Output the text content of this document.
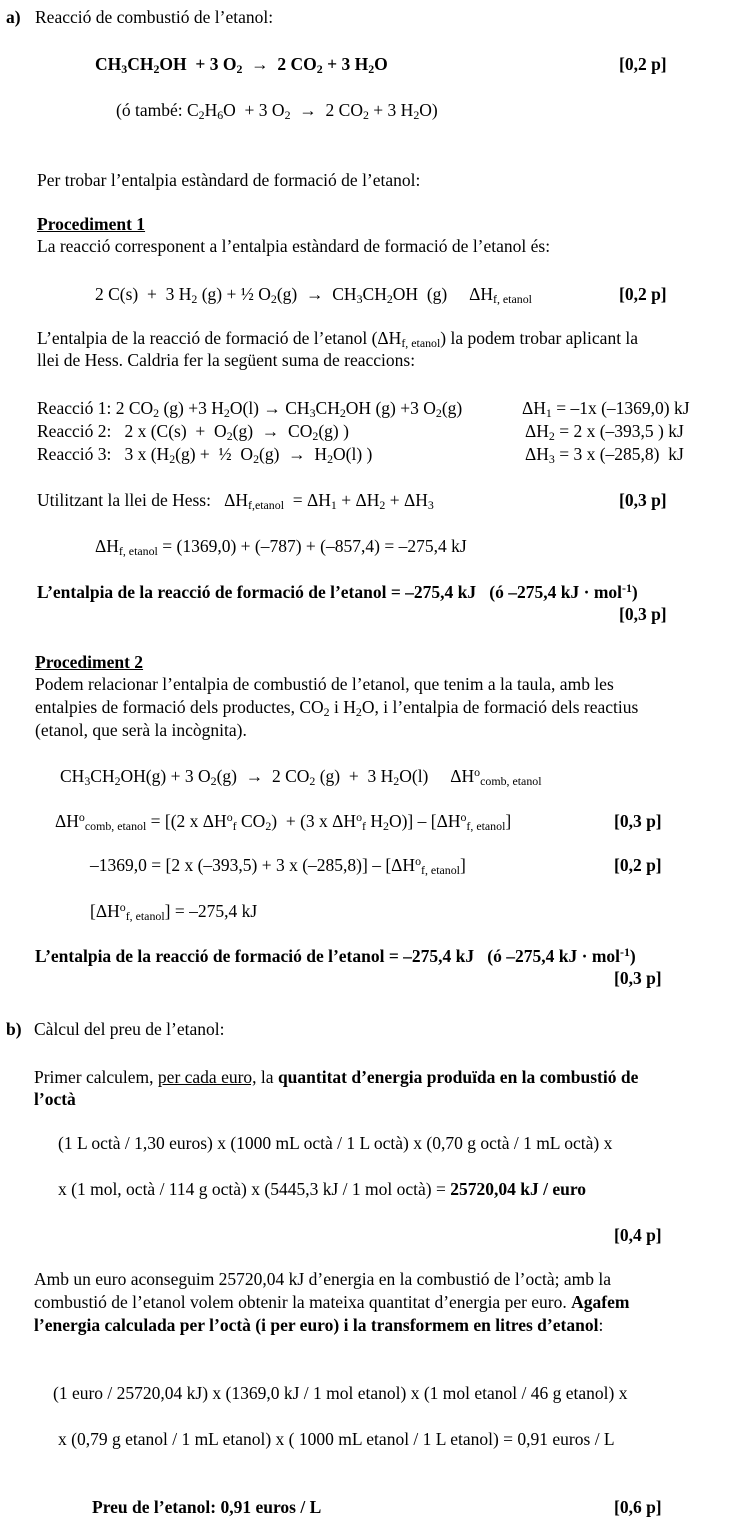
a) Reacció de combustió de l’etanol:
$CH_3CH_2OH + 3$ $O_2 \to 2$ $CO_2 + 3$ $H_2O$	[0,2 p]
(ó també: $C_2H_6O + 3$ $O_2 \to 2$ $CO_2 + 3$ $H_2O$)
Per trobar l’entalpia estàndard de formació de l’etanol:
Procediment 1
La reacció corresponent a l’entalpia estàndard de formació de l’etanol és:
2 C(s)  +  3 $H_2$ (g) + ½ $O_2(g) \to CH_3CH_2OH$  (g)     $\Delta H_{f, etanol}$	[0,2 p]
L’entalpia de la reacció de formació de l’etanol $(\Delta H_{f, etanol})$ la podem trobar aplicant la
llei de Hess. Caldria fer la següent suma de reaccions:
Reacció 1: 2 $CO_2$ (g) +3 $H_2O(l) \to CH_3CH_2OH$ (g) +3 $O_2(g)$	$\Delta H_1 = -1x$ (–1369,0) kJ
Reacció 2:   2 x ($C(s) + O_2(g) \to CO_2(g)$ )	$\Delta H_2 = 2$ x (–393,5 ) kJ
Reacció 3:   3 x ($H_2(g)$ +  ½  $O_2(g) \to H_2O(l)$ )	$\Delta H_3 = 3$ x (–285,8)  kJ
Utilitzant la llei de Hess:   $\Delta H_{f,etanol} = \Delta H_1 + \Delta H_2 + \Delta H_3$	[0,3 p]
$\Delta H_{f, etanol} = (1369,0) + (-787) + (-857,4) = -275,4$ kJ
L’entalpia de la reacció de formació de l’etanol = –275,4 kJ   (ó –275,4 kJ · mol$^{-1}$)
[0,3 p]
Procediment 2
Podem relacionar l’entalpia de combustió de l’etanol, que tenim a la taula, amb les
entalpies de formació dels productes, $CO_2$ i $H_2O$, i l’entalpia de formació dels reactius
(etanol, que serà la incògnita).
$CH_3CH_2OH(g) + 3$ $O_2(g) \to 2$ $CO_2$ (g)  +  3 $H_2O(l)$     $\Delta H^o_{comb, etanol}$
$\Delta H^o_{comb, etanol} = [(2$ x $\Delta H^o_f$ $CO_2) + (3$ x $\Delta H^o_f$ $H_2O)] - [\Delta H^o_{f, etanol}]$	[0,3 p]
–1369,0 = [2 x (–393,5) + 3 x $(-285,8)] - [\Delta H^o_{f, etanol}]$	[0,2 p]
$[\Delta H^o_{f, etanol}] = -275,4$ kJ
L’entalpia de la reacció de formació de l’etanol = –275,4 kJ   (ó –275,4 kJ · mol$^{-1}$)
[0,3 p]
b) Càlcul del preu de l’etanol:
Primer calculem, per cada euro, la quantitat d’energia produïda en la combustió de
l’octà
(1 L octà / 1,30 euros) x (1000 mL octà / 1 L octà) x (0,70 g octà / 1 mL octà) x
x (1 mol, octà / 114 g octà) x (5445,3 kJ / 1 mol octà) = 25720,04 kJ / euro
[0,4 p]
Amb un euro aconseguim 25720,04 kJ d’energia en la combustió de l’octà; amb la
combustió de l’etanol volem obtenir la mateixa quantitat d’energia per euro. Agafem
l’energia calculada per l’octà (i per euro) i la transformem en litres d’etanol:
(1 euro / 25720,04 kJ) x (1369,0 kJ / 1 mol etanol) x (1 mol etanol / 46 g etanol) x
x (0,79 g etanol / 1 mL etanol) x ( 1000 mL etanol / 1 L etanol) = 0,91 euros / L
Preu de l’etanol: 0,91 euros / L	[0,6 p]
